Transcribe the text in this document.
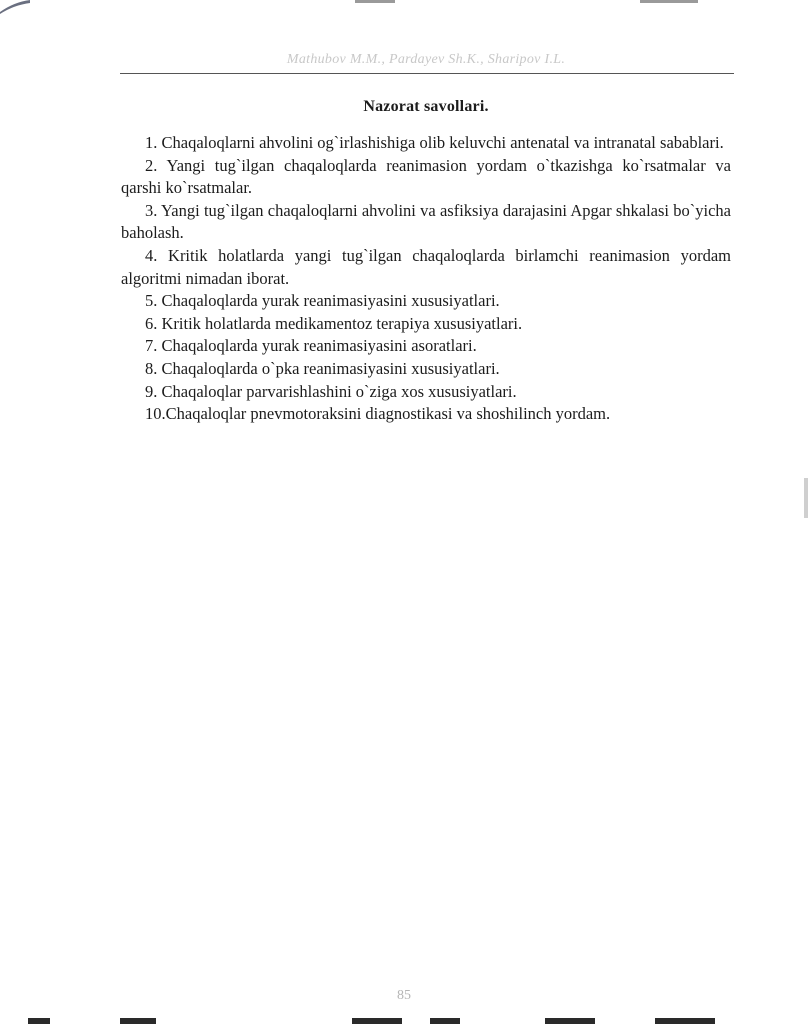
Mathubov M.M., Pardayev Sh.K., Sharipov I.L.
Nazorat savollari.
1. Chaqaloqlarni ahvolini og`irlashishiga olib keluvchi antenatal va intranatal sabablari.
2. Yangi tug`ilgan chaqaloqlarda reanimasion yordam o`tkazishga ko`rsatmalar va qarshi ko`rsatmalar.
3. Yangi tug`ilgan chaqaloqlarni ahvolini va asfiksiya darajasini Apgar shkalasi bo`yicha baholash.
4. Kritik holatlarda yangi tug`ilgan chaqaloqlarda birlamchi reanimasion yordam algoritmi nimadan iborat.
5. Chaqaloqlarda yurak reanimasiyasini xususiyatlari.
6. Kritik holatlarda medikamentoz terapiya xususiyatlari.
7. Chaqaloqlarda yurak reanimasiyasini asoratlari.
8. Chaqaloqlarda o`pka reanimasiyasini xususiyatlari.
9. Chaqaloqlar parvarishlashini o`ziga xos xususiyatlari.
10.Chaqaloqlar pnevmotoraksini diagnostikasi va shoshilinch yordam.
85
